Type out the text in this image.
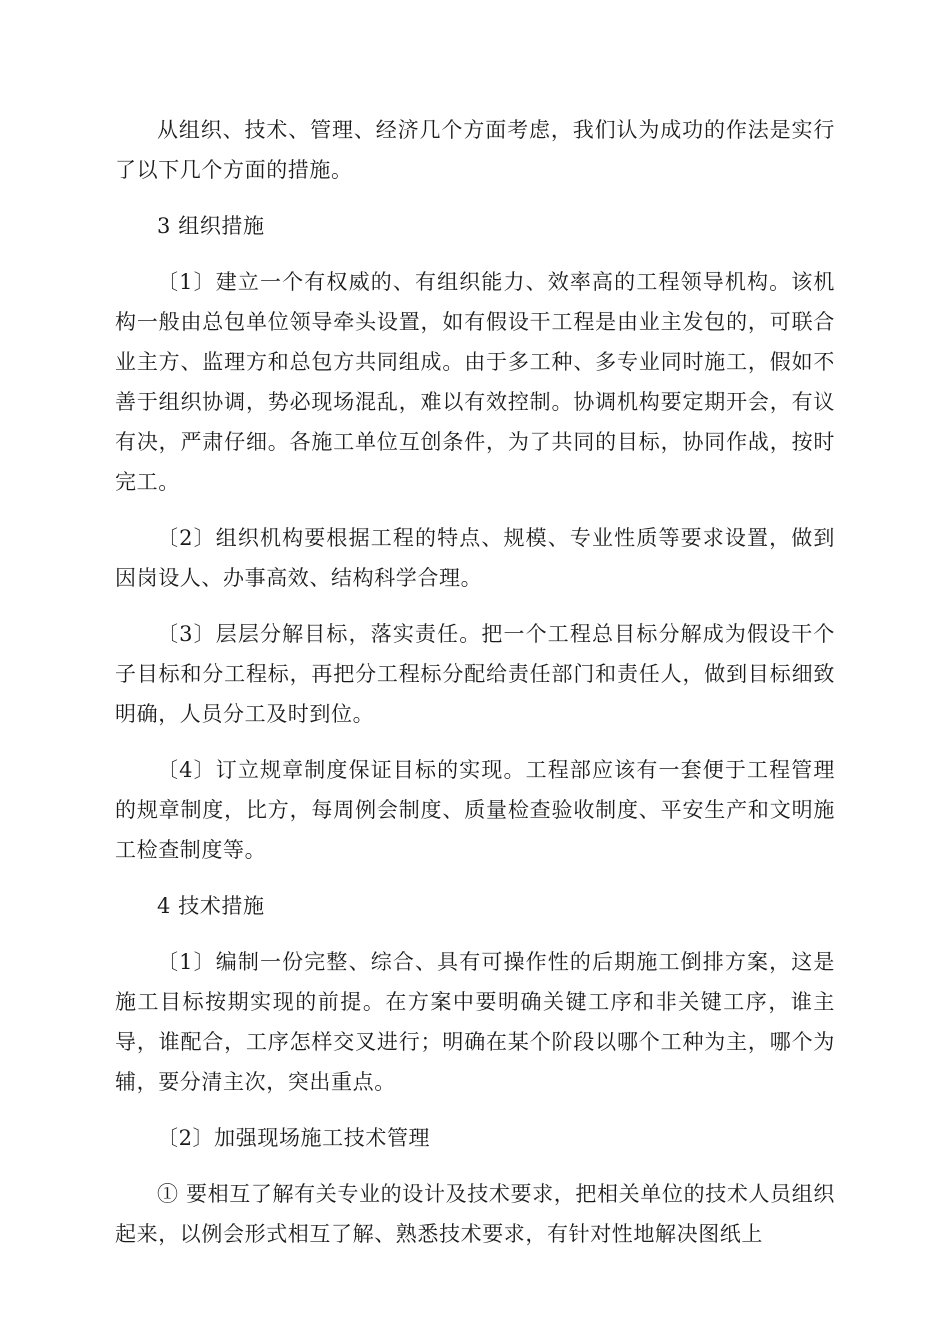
从组织、技术、管理、经济几个方面考虑，我们认为成功的作法是实行了以下几个方面的措施。

3 组织措施

〔1〕建立一个有权威的、有组织能力、效率高的工程领导机构。该机构一般由总包单位领导牵头设置，如有假设干工程是由业主发包的，可联合业主方、监理方和总包方共同组成。由于多工种、多专业同时施工，假如不善于组织协调，势必现场混乱，难以有效控制。协调机构要定期开会，有议有决，严肃仔细。各施工单位互创条件，为了共同的目标，协同作战，按时完工。

〔2〕组织机构要根据工程的特点、规模、专业性质等要求设置，做到因岗设人、办事高效、结构科学合理。

〔3〕层层分解目标，落实责任。把一个工程总目标分解成为假设干个子目标和分工程标，再把分工程标分配给责任部门和责任人，做到目标细致明确，人员分工及时到位。

〔4〕订立规章制度保证目标的实现。工程部应该有一套便于工程管理的规章制度，比方，每周例会制度、质量检查验收制度、平安生产和文明施工检查制度等。

4 技术措施

〔1〕编制一份完整、综合、具有可操作性的后期施工倒排方案，这是施工目标按期实现的前提。在方案中要明确关键工序和非关键工序，谁主导，谁配合，工序怎样交叉进行；明确在某个阶段以哪个工种为主，哪个为辅，要分清主次，突出重点。

〔2〕加强现场施工技术管理

① 要相互了解有关专业的设计及技术要求，把相关单位的技术人员组织起来，以例会形式相互了解、熟悉技术要求，有针对性地解决图纸上
